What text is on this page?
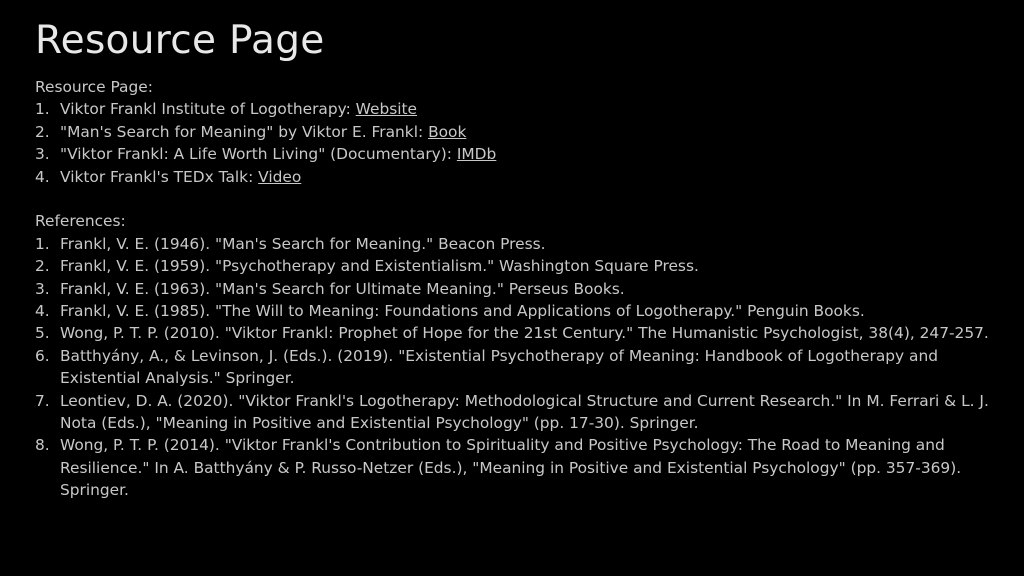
Resource Page

Resource Page:

1. Viktor Frankl Institute of Logotherapy: Website
2. "Man's Search for Meaning" by Viktor E. Frankl: Book
3. "Viktor Frankl: A Life Worth Living" (Documentary): IMDb
4. Viktor Frankl's TEDx Talk: Video

References:

1. Frankl, V. E. (1946). "Man's Search for Meaning." Beacon Press.
2. Frankl, V. E. (1959). "Psychotherapy and Existentialism." Washington Square Press.
3. Frankl, V. E. (1963). "Man's Search for Ultimate Meaning." Perseus Books.
4. Frankl, V. E. (1985). "The Will to Meaning: Foundations and Applications of Logotherapy." Penguin Books.
5. Wong, P. T. P. (2010). "Viktor Frankl: Prophet of Hope for the 21st Century." The Humanistic Psychologist, 38(4), 247-257.
6. Batthyány, A., & Levinson, J. (Eds.). (2019). "Existential Psychotherapy of Meaning: Handbook of Logotherapy and Existential Analysis." Springer.
7. Leontiev, D. A. (2020). "Viktor Frankl's Logotherapy: Methodological Structure and Current Research." In M. Ferrari & L. J. Nota (Eds.), "Meaning in Positive and Existential Psychology" (pp. 17-30). Springer.
8. Wong, P. T. P. (2014). "Viktor Frankl's Contribution to Spirituality and Positive Psychology: The Road to Meaning and Resilience." In A. Batthyány & P. Russo-Netzer (Eds.), "Meaning in Positive and Existential Psychology" (pp. 357-369). Springer.
